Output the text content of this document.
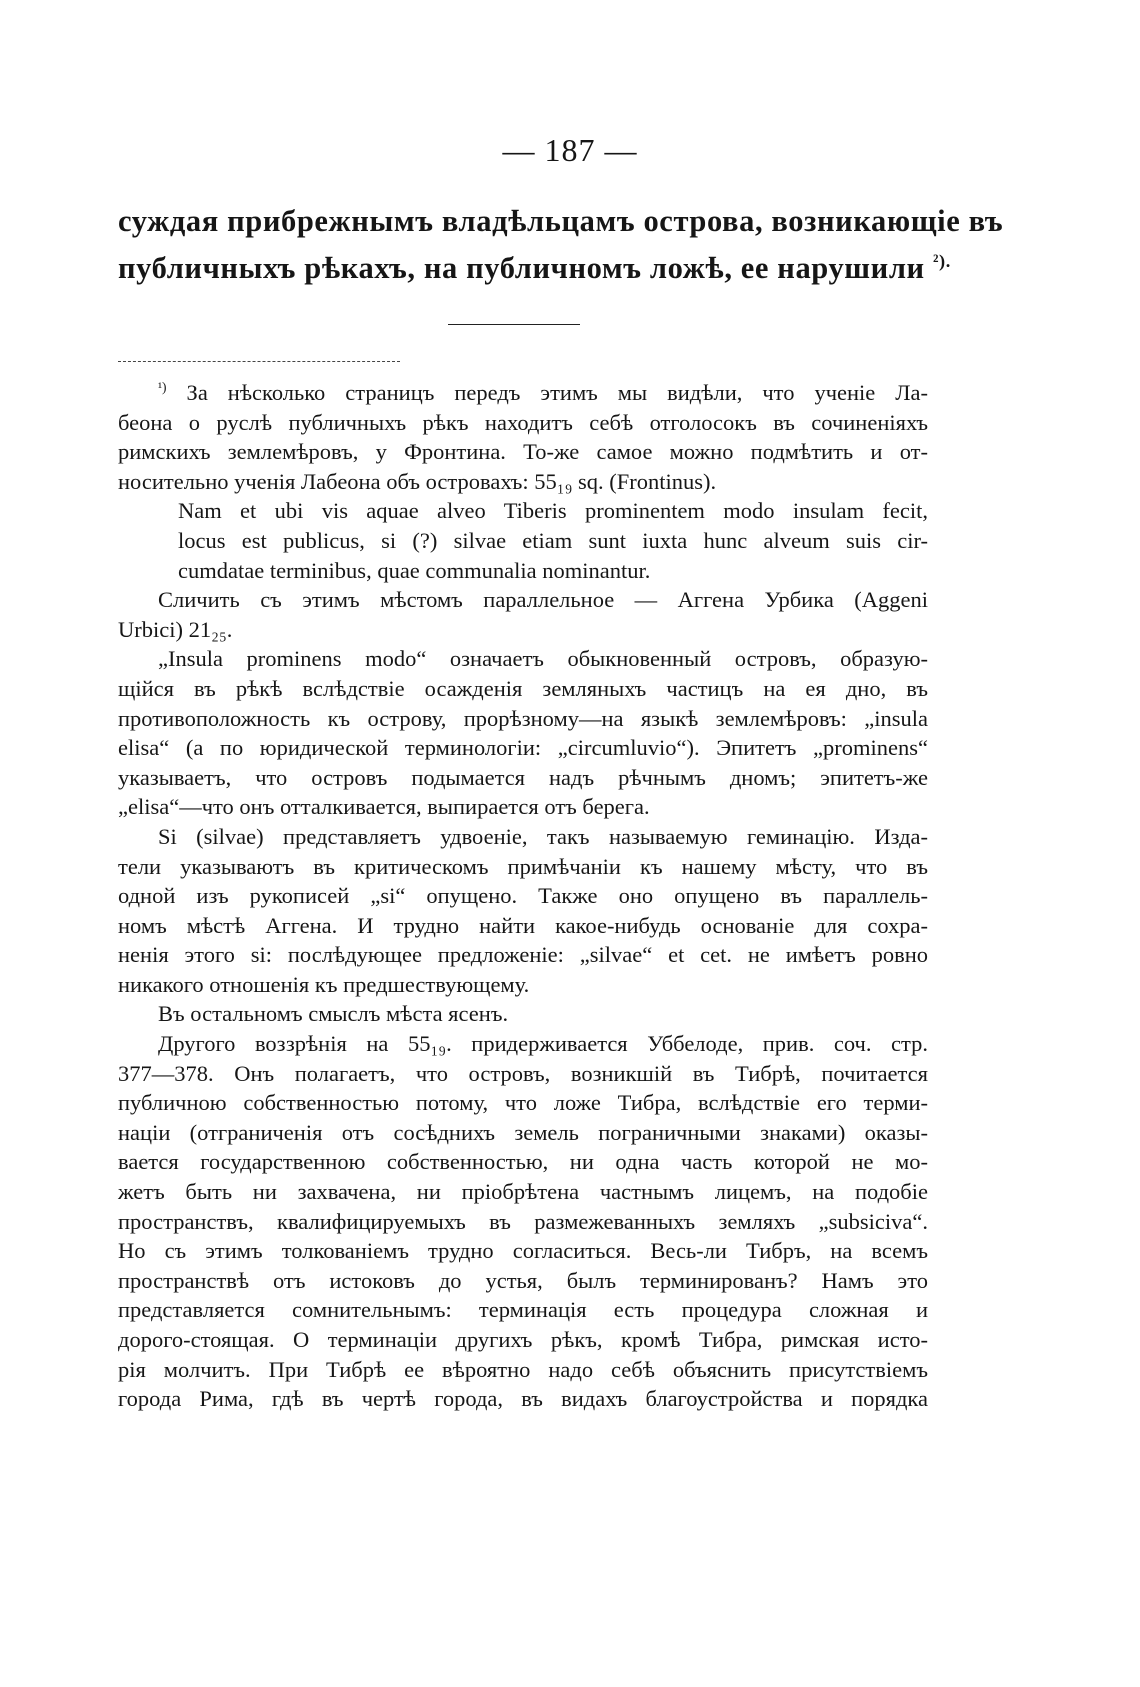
— 187 —
суждая прибрежнымъ владѣльцамъ острова, возникающіе въ
публичныхъ рѣкахъ, на публичномъ ложѣ, ее нарушили $^{^2).}$

$^{^1)}$ За нѣсколько страницъ передъ этимъ мы видѣли, что ученіе Ла-
беона о руслѣ публичныхъ рѣкъ находитъ себѣ отголосокъ въ сочиненіяхъ
римскихъ землемѣровъ, у Фронтина. То-же самое можно подмѣтить и от-
носительно ученія Лабеона объ островахъ: 55₁₉ sq. (Frontinus).

Nam et ubi vis aquae alveo Tiberis prominentem modo insulam fecit,
locus est publicus, si (?) silvae etiam sunt iuxta hunc alveum suis cir-
cumdatae terminibus, quae communalia nominantur.

Сличить съ этимъ мѣстомъ параллельное — Аггена Урбика (Aggeni
Urbici) 21₂₅.

„Insula prominens modo“ означаетъ обыкновенный островъ, образую-
щійся въ рѣкѣ вслѣдствіе осажденія земляныхъ частицъ на ея дно, въ
противоположность къ острову, прорѣзному—на языкѣ землемѣровъ: „insula
elisa“ (а по юридической терминологіи: „circumluvio“). Эпитетъ „prominens“
указываетъ, что островъ подымается надъ рѣчнымъ дномъ; эпитетъ-же
„elisa“—что онъ отталкивается, выпирается отъ берега.

Si (silvae) представляетъ удвоеніе, такъ называемую геминацію. Изда-
тели указываютъ въ критическомъ примѣчаніи къ нашему мѣсту, что въ
одной изъ рукописей „si“ опущено. Также оно опущено въ параллель-
номъ мѣстѣ Аггена. И трудно найти какое-нибудь основаніе для сохра-
ненія этого si: послѣдующее предложеніе: „silvae“ et cet. не имѣетъ ровно
никакого отношенія къ предшествующему.

Въ остальномъ смыслъ мѣста ясенъ.

Другого воззрѣнія на 55₁₉. придерживается Уббелоде, прив. соч. стр.
377—378. Онъ полагаетъ, что островъ, возникшій въ Тибрѣ, почитается
публичною собственностью потому, что ложе Тибра, вслѣдствіе его терми-
націи (отграниченія отъ сосѣднихъ земель пограничными знаками) оказы-
вается государственною собственностью, ни одна часть которой не мо-
жетъ быть ни захвачена, ни пріобрѣтена частнымъ лицемъ, на подобіе
пространствъ, квалифицируемыхъ въ размежеванныхъ земляхъ „subsiciva“.
Но съ этимъ толкованіемъ трудно согласиться. Весь-ли Тибръ, на всемъ
пространствѣ отъ истоковъ до устья, былъ терминированъ? Намъ это
представляется сомнительнымъ: терминація есть процедура сложная и
дорого-стоящая. О терминаціи другихъ рѣкъ, кромѣ Тибра, римская исто-
рія молчитъ. При Тибрѣ ее вѣроятно надо себѣ объяснить присутствіемъ
города Рима, гдѣ въ чертѣ города, въ видахъ благоустройства и порядка
